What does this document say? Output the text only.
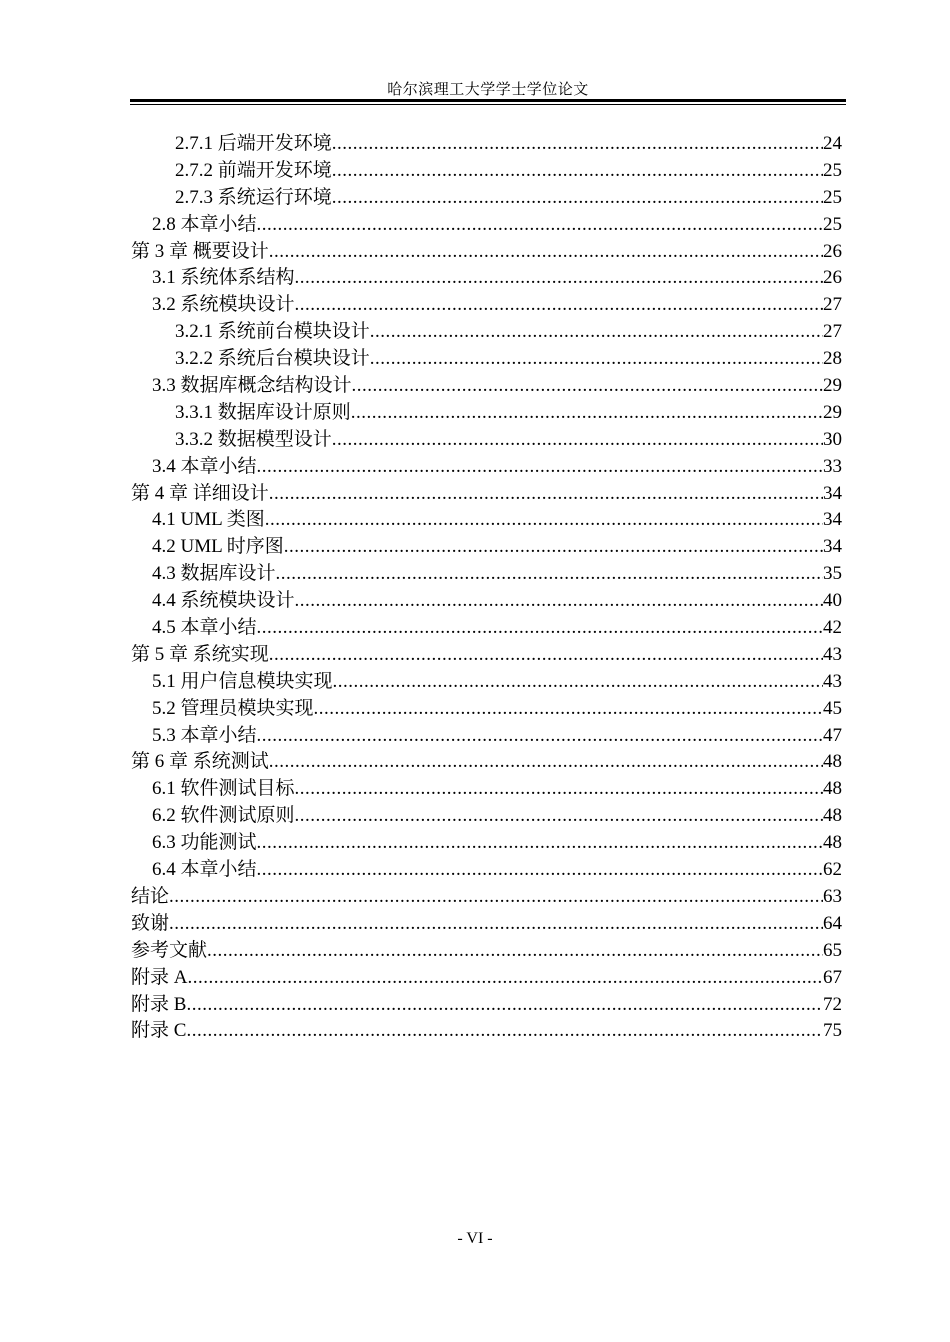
哈尔滨理工大学学士学位论文
2.7.1 后端开发环境 .....	24
2.7.2 前端开发环境 .....	25
2.7.3 系统运行环境 .....	25
2.8 本章小结 .....	25
第 3 章 概要设计 .....	26
3.1 系统体系结构 .....	26
3.2 系统模块设计 .....	27
3.2.1 系统前台模块设计 .....	27
3.2.2 系统后台模块设计 .....	28
3.3 数据库概念结构设计 .....	29
3.3.1 数据库设计原则 .....	29
3.3.2 数据模型设计 .....	30
3.4 本章小结 .....	33
第 4 章 详细设计 .....	34
4.1 UML 类图 .....	34
4.2 UML 时序图 .....	34
4.3 数据库设计 .....	35
4.4 系统模块设计 .....	40
4.5 本章小结 .....	42
第 5 章 系统实现 .....	43
5.1 用户信息模块实现 .....	43
5.2 管理员模块实现 .....	45
5.3 本章小结 .....	47
第 6 章 系统测试 .....	48
6.1 软件测试目标 .....	48
6.2 软件测试原则 .....	48
6.3 功能测试 .....	48
6.4 本章小结 .....	62
结论 .....	63
致谢 .....	64
参考文献 .....	65
附录 A .....	67
附录 B .....	72
附录 C .....	75
- VI -
